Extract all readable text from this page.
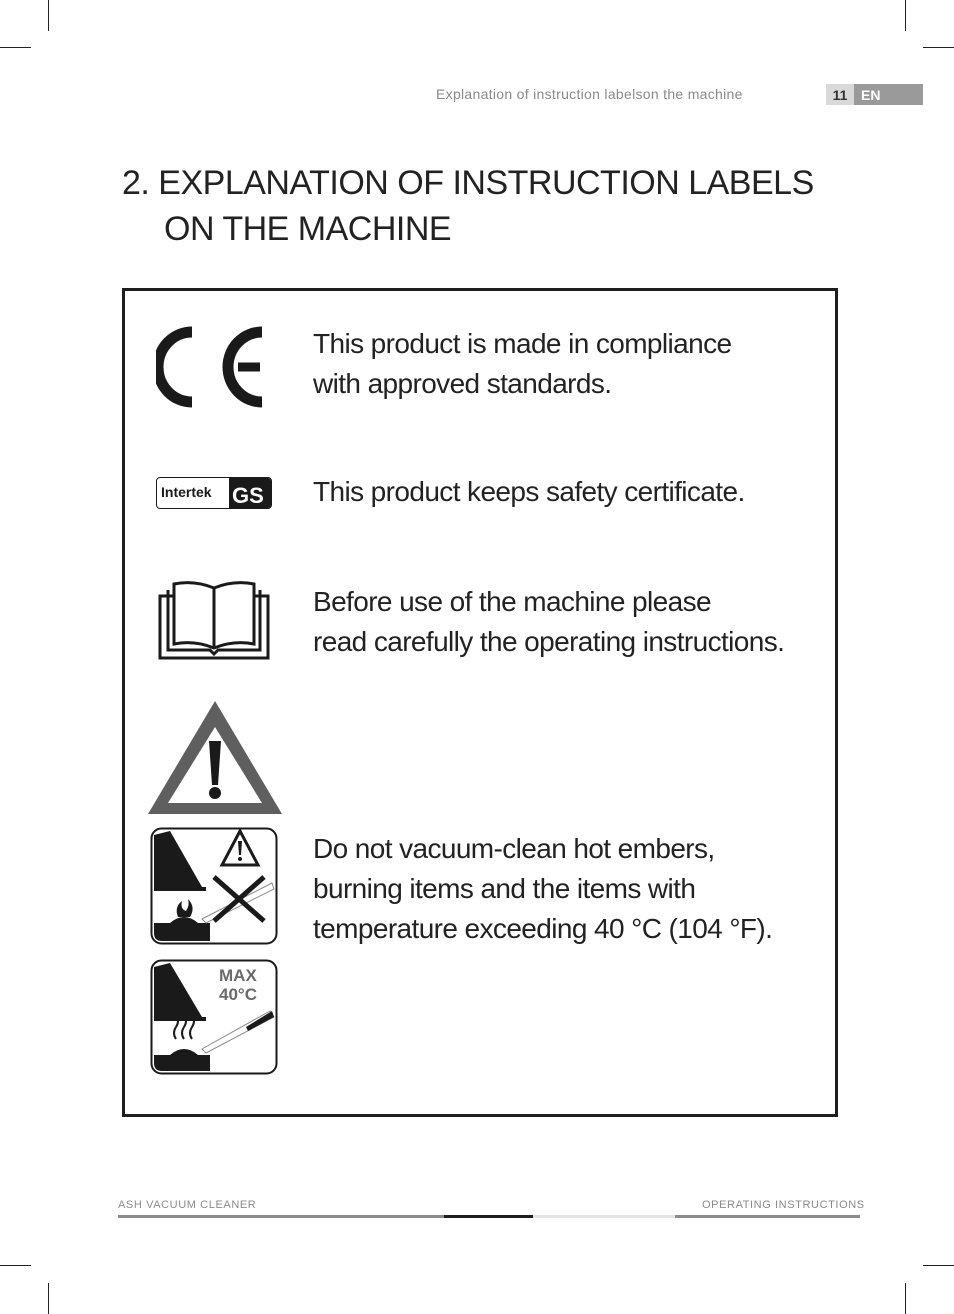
Explanation of instruction labelson the machine	11 EN
2. EXPLANATION OF INSTRUCTION LABELS
ON THE MACHINE
This product is made in compliance
with approved standards.
Intertek GS This product keeps safety certificate.
Before use of the machine please
read carefully the operating instructions.
Do not vacuum-clean hot embers,
burning items and the items with
temperature exceeding 40 °C (104 °F).
MAX
40°C
ASH VACUUM CLEANER	OPERATING INSTRUCTIONS
